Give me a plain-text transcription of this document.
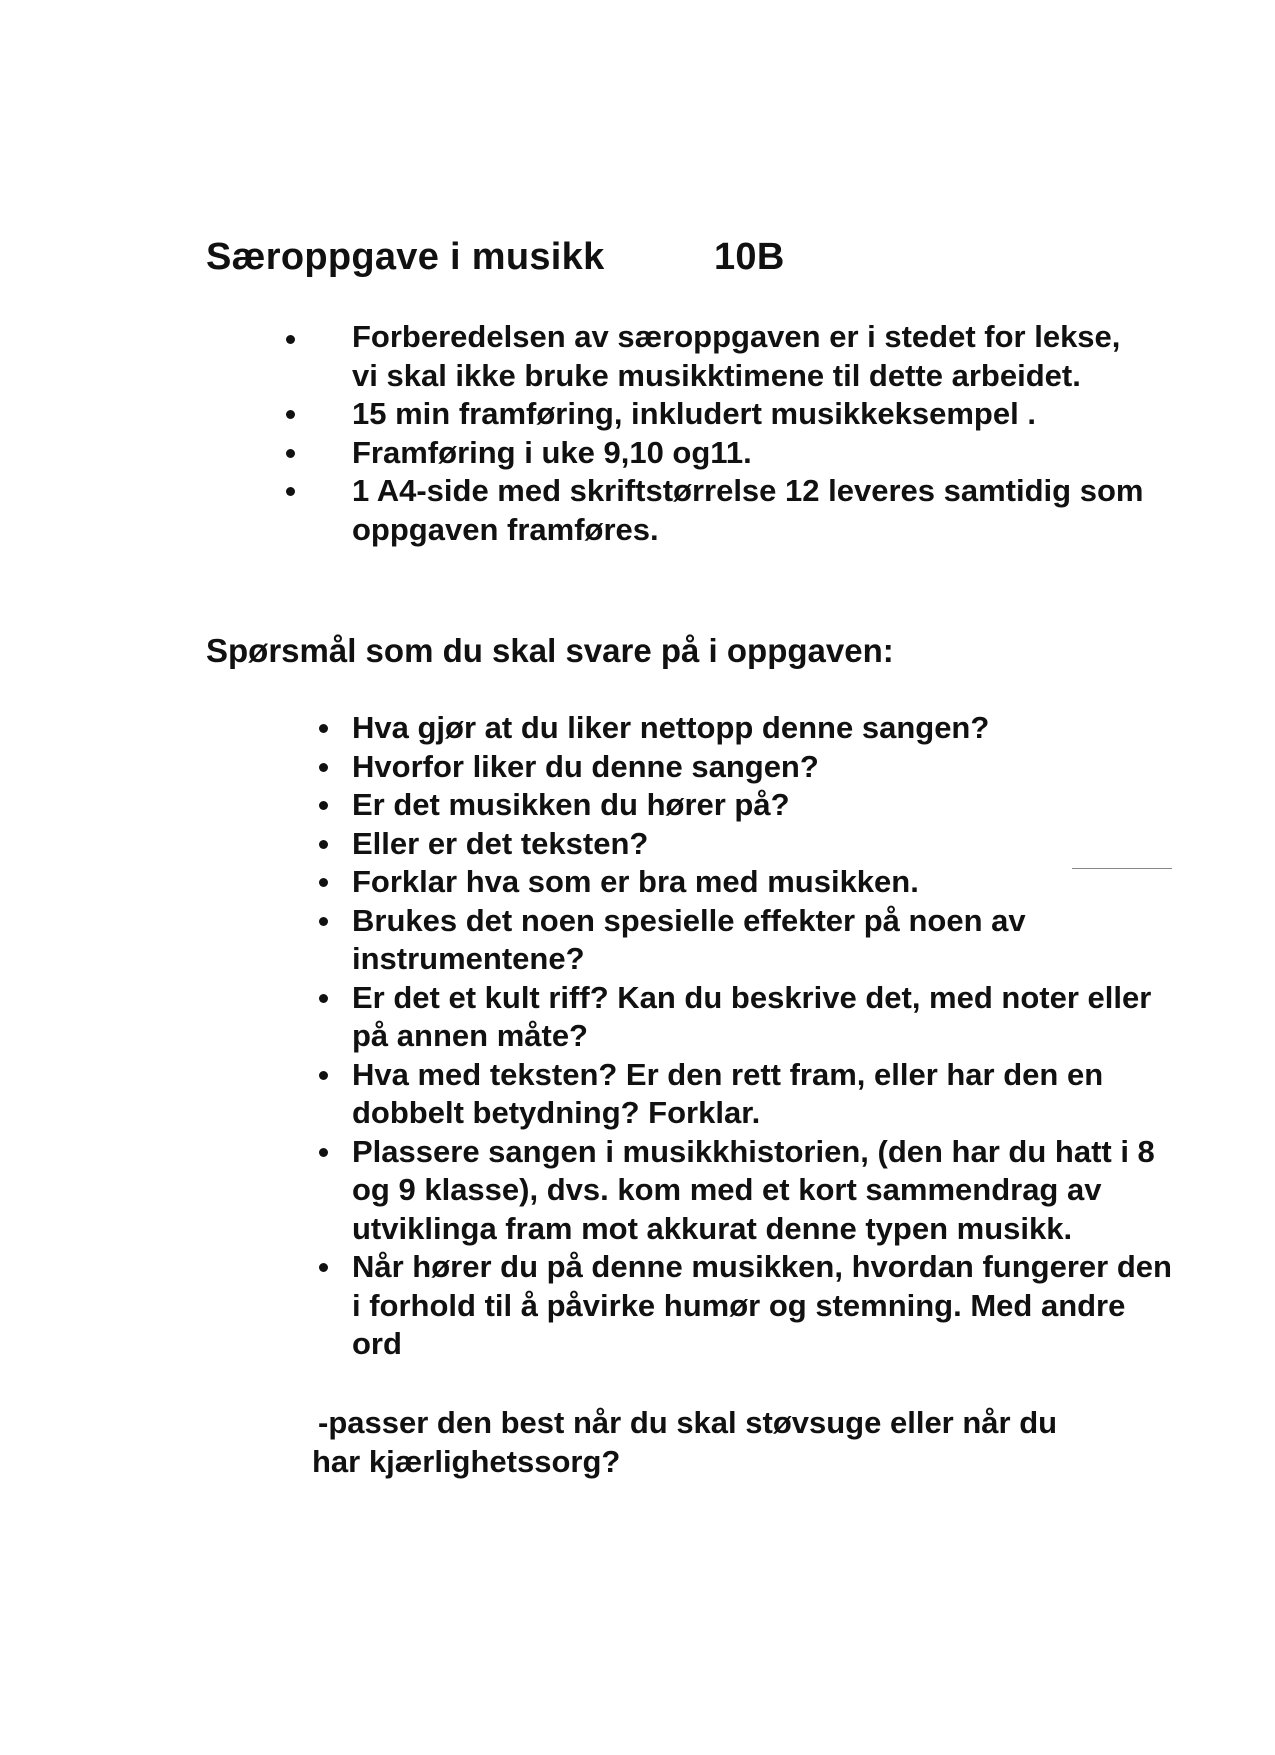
Særoppgave i musikk	10B
Forberedelsen av særoppgaven er i stedet for lekse, vi skal ikke bruke musikktimene til dette arbeidet.
15 min framføring, inkludert musikkeksempel .
Framføring i uke 9,10 og11.
1 A4-side med skriftstørrelse 12 leveres samtidig som oppgaven framføres.
Spørsmål som du skal svare på i oppgaven:
Hva gjør at du liker nettopp denne sangen?
Hvorfor liker du denne sangen?
Er det musikken du hører på?
Eller er det teksten?
Forklar hva som er bra med musikken.
Brukes det noen spesielle effekter på noen av instrumentene?
Er det et kult riff? Kan du beskrive det, med noter eller på annen måte?
Hva med teksten? Er den rett fram, eller har den en dobbelt betydning? Forklar.
Plassere sangen i musikkhistorien, (den har du hatt i 8 og 9 klasse), dvs. kom med et kort sammendrag av utviklinga fram mot akkurat denne typen musikk.
Når hører du på denne musikken, hvordan fungerer den i forhold til å påvirke humør og stemning. Med andre ord
-passer den best når du skal støvsuge eller når du
har kjærlighetssorg?
